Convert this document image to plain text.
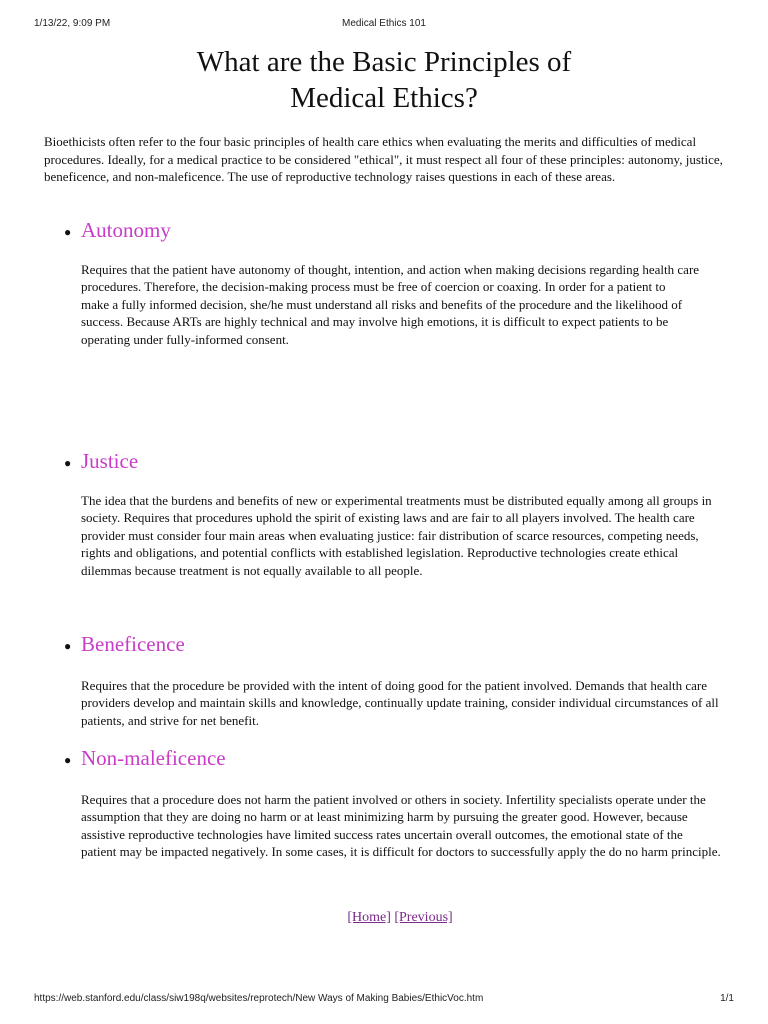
1/13/22, 9:09 PM	Medical Ethics 101
What are the Basic Principles of
Medical Ethics?

Bioethicists often refer to the four basic principles of health care ethics when evaluating the merits and difficulties of medical procedures. Ideally, for a medical practice to be considered "ethical", it must respect all four of these principles: autonomy, justice, beneficence, and non-maleficence. The use of reproductive technology raises questions in each of these areas.

● Autonomy

Requires that the patient have autonomy of thought, intention, and action when making decisions regarding health care

procedures. Therefore, the decision-making process must be free of coercion or coaxing. In order for a patient to

make a fully informed decision, she/he must understand all risks and benefits of the procedure and the likelihood of

success. Because ARTs are highly technical and may involve high emotions, it is difficult to expect patients to be

operating under fully-informed consent.

● Justice
The idea that the burdens and benefits of new or experimental treatments must be distributed equally among all groups in
society. Requires that procedures uphold the spirit of existing laws and are fair to all players involved. The health care provider must consider four main areas when evaluating justice: fair distribution of scarce resources, competing needs, rights and obligations, and potential conflicts with established legislation. Reproductive technologies create ethical dilemmas because treatment is not equally available to all people.
● Beneficence
Requires that the procedure be provided with the intent of doing good for the patient involved. Demands that health care providers develop and maintain skills and knowledge, continually update training, consider individual circumstances of all patients, and strive for net benefit.
● Non-maleficence
Requires that a procedure does not harm the patient involved or others in society. Infertility specialists operate under the assumption that they are doing no harm or at least minimizing harm by pursuing the greater good. However, because
assistive reproductive technologies have limited success rates uncertain overall outcomes, the emotional state of the patient may be impacted negatively. In some cases, it is difficult for doctors to successfully apply the do no harm principle.
[Home] [Previous]
https://web.stanford.edu/class/siw198q/websites/reprotech/New Ways of Making Babies/EthicVoc.htm	1/1
